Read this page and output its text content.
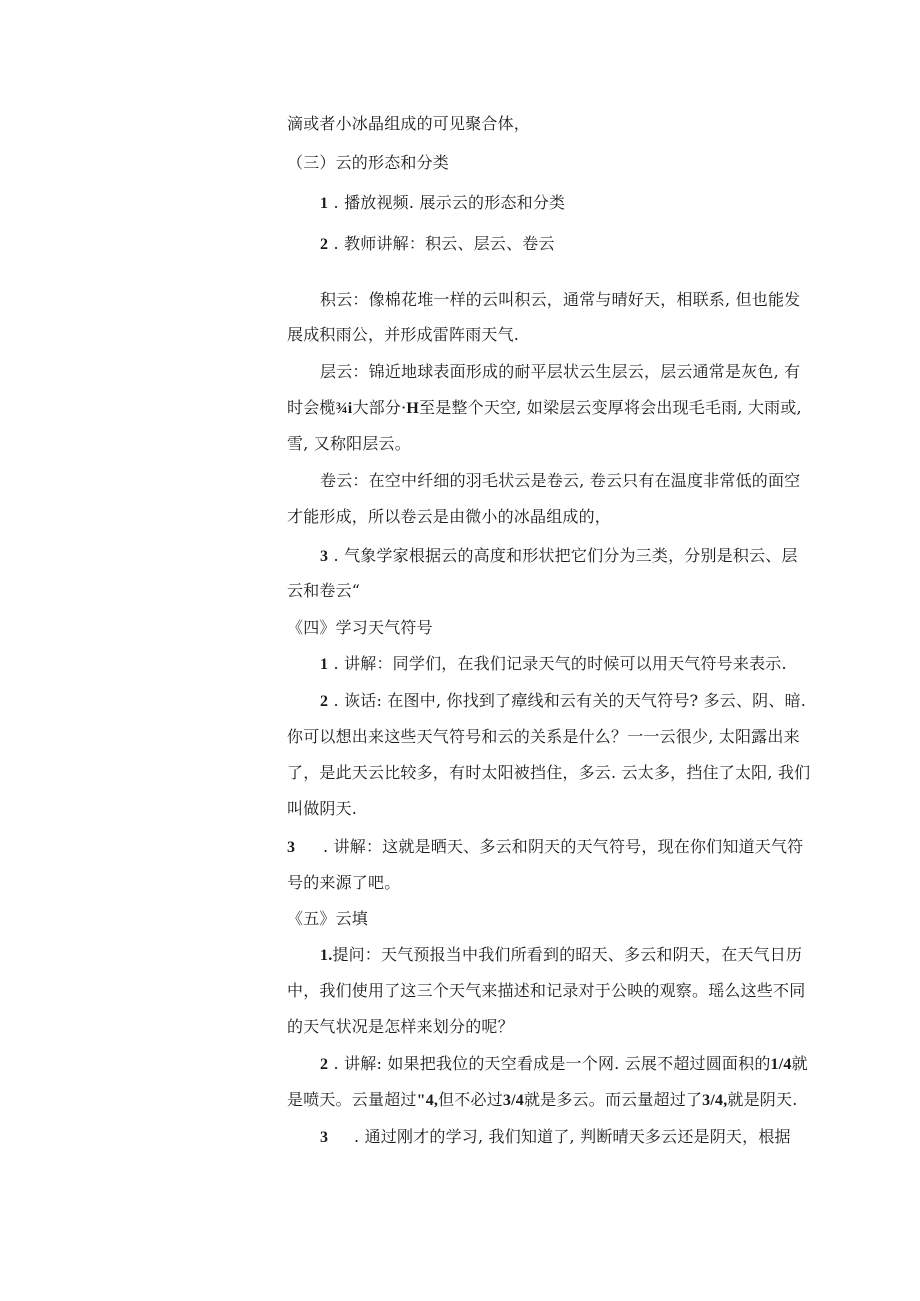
滴或者小冰晶组成的可见聚合体，
（三）云的形态和分类
1 . 播放视频. 展示云的形态和分类
2 . 教师讲解：积云、层云、卷云
积云：像棉花堆一样的云叫积云，通常与晴好天，相联系, 但也能发
展成积雨公，并形成雷阵雨天气.
层云：锦近地球表面形成的耐平层状云生层云，层云通常是灰色, 有
时会榄¾i大部分·H至是整个天空, 如梁层云变厚将会出现毛毛雨, 大雨或,
雪, 又称阳层云。
卷云：在空中纤细的羽毛状云是卷云, 卷云只有在温度非常低的面空
才能形成，所以卷云是由微小的冰晶组成的，
3 . 气象学家根据云的高度和形状把它们分为三类，分别是积云、层
云和卷云“
《四》学习天气符号
1 . 讲解：同学们，在我们记录天气的时候可以用天气符号来表示.
2 . 诙话: 在图中, 你找到了瘴线和云有关的天气符号? 多云、阴、暗.
你可以想出来这些天气符号和云的关系是什么？一一云很少, 太阳露出来
了，是此天云比较多，有时太阳被挡住，多云. 云太多，挡住了太阳, 我们
叫做阴天.
3 . 讲解：这就是晒天、多云和阴天的天气符号，现在你们知道天气符
号的来源了吧。
《五》云填
1.提问：天气预报当中我们所看到的昭天、多云和阴天，在天气日历
中，我们使用了这三个天气来描述和记录对于公映的观察。瑶么这些不同
的天气状况是怎样来划分的呢？
2 . 讲解: 如果把我位的天空看成是一个网. 云展不超过圆面积的1/4就
是喷天。云量超过"4,但不必过3/4就是多云。而云量超过了3/4,就是阴天.
3 . 通过刚才的学习, 我们知道了, 判断晴天多云还是阴天，根据
